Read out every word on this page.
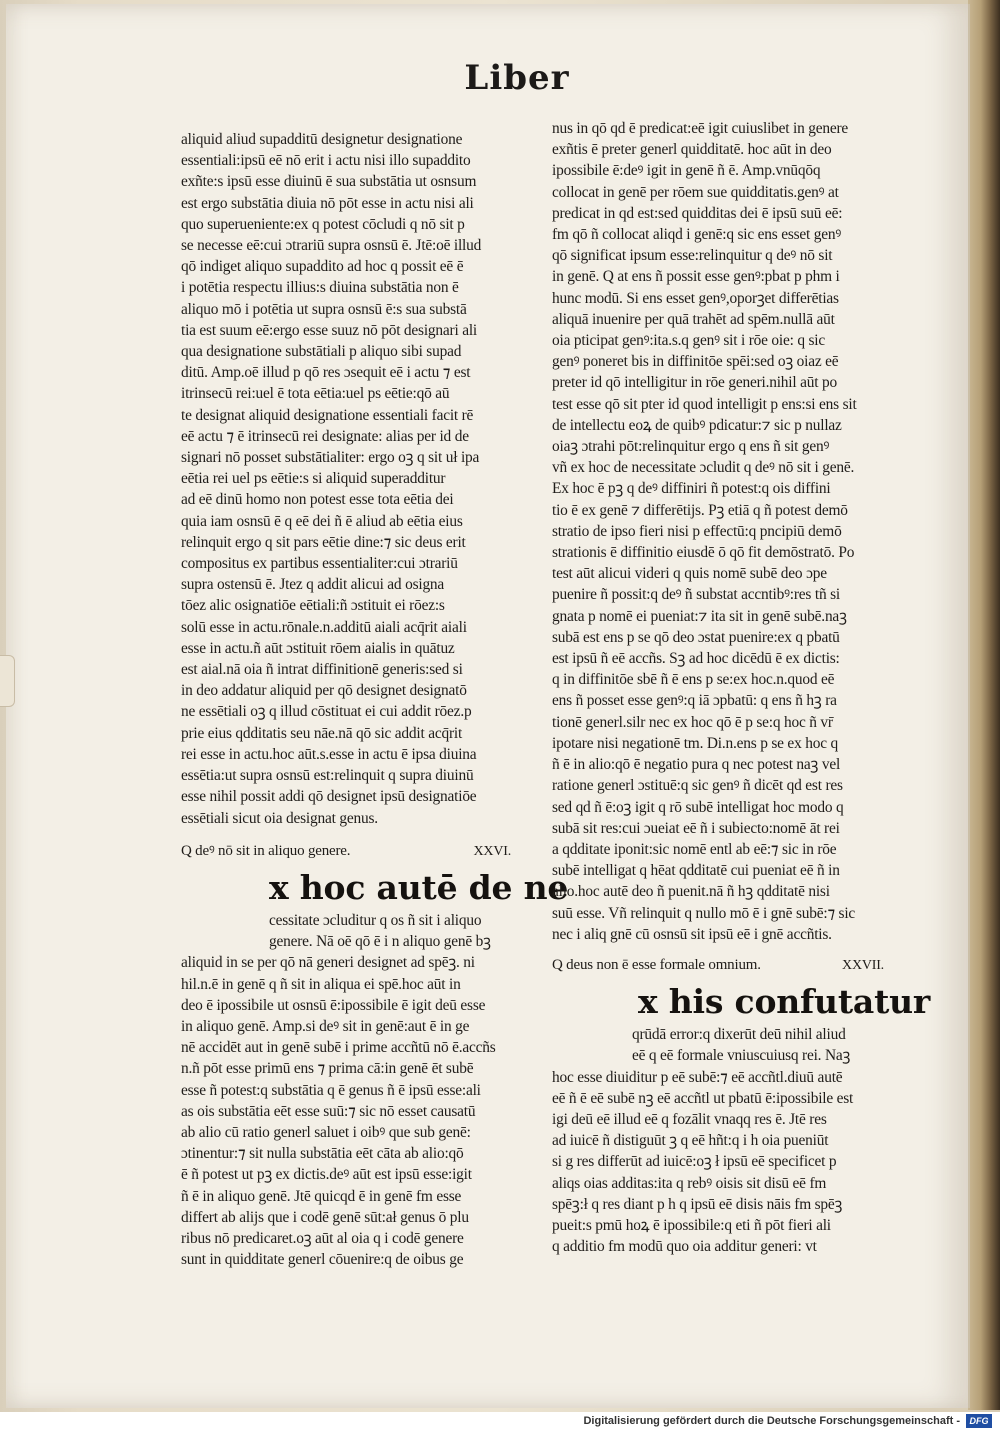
Liber
aliquid aliud supadditū designetur designatione
essentiali:ipsū eē nō erit i actu nisi illo supaddito
exñte:s ipsū esse diuinū ē sua substātia ut osnsum
est ergo substātia diuia nō pōt esse in actu nisi ali
quo superueniente:ex q potest cōcludi q nō sit p
se necesse eē:cui ɔtrariū supra osnsū ē. Jtē:oē illud
qō indiget aliquo supaddito ad hoc q possit eē ē
i potētia respectu illius:s diuina substātia non ē
aliquo mō i potētia ut supra osnsū ē:s sua substā
tia est suum eē:ergo esse suuz nō pōt designari ali
qua designatione substātiali p aliquo sibi supad
ditū. Amp.oē illud p qō res ɔsequit eē i actu ⁊ est
itrinsecū rei:uel ē tota eētia:uel ps eētie:qō aū
te designat aliquid designatione essentiali facit rē
eē actu ⁊ ē itrinsecū rei designate: alias per id de
signari nō posset substātialiter: ergo oꝫ q sit uł ipa
eētia rei uel ps eētie:s si aliquid superadditur
ad eē dinū homo non potest esse tota eētia dei
quia iam osnsū ē q eē dei ñ ē aliud ab eētia eius
relinquit ergo q sit pars eētie dine:⁊ sic deus erit
compositus ex partibus essentialiter:cui ɔtrariū
supra ostensū ē. Jtez q addit alicui ad osigna
tōez alic osignatiōe eētiali:ñ ɔstituit ei rōez:s
solū esse in actu.rōnale.n.additū aiali acq̄rit aiali
esse in actu.ñ aūt ɔstituit rōem aialis in quātuz
est aial.nā oia ñ intrat diffinitionē generis:sed si
in deo addatur aliquid per qō designet designatō
ne essētiali oꝫ q illud cōstituat ei cui addit rōez.p
prie eius qdditatis seu nāe.nā qō sic addit acq̄rit
rei esse in actu.hoc aūt.s.esse in actu ē ipsa diuina
essētia:ut supra osnsū est:relinquit q supra diuinū
esse nihil possit addi qō designet ipsū designatiōe
essētiali sicut oia designat genus.
Q deꝰ nō sit in aliquo genere.	XXVI.
x hoc autē de ne
cessitate ɔcluditur q os ñ sit i aliquo
genere. Nā oē qō ē i n aliquo genē bꝫ
aliquid in se per qō nā generi designet ad spēꝫ. ni
hil.n.ē in genē q ñ sit in aliqua ei spē.hoc aūt in
deo ē ipossibile ut osnsū ē:ipossibile ē igit deū esse
in aliquo genē. Amp.si deꝰ sit in genē:aut ē in ge
nē accidēt aut in genē subē i prime accñtū nō ē.accñs
n.ñ pōt esse primū ens ⁊ prima cā:in genē ēt subē
esse ñ potest:q substātia q ē genus ñ ē ipsū esse:ali
as ois substātia eēt esse suū:⁊ sic nō esset causatū
ab alio cū ratio generl saluet i oibꝰ que sub genē:
ɔtinentur:⁊ sit nulla substātia eēt cāta ab alio:qō
ē ñ potest ut pꝫ ex dictis.deꝰ aūt est ipsū esse:igit
ñ ē in aliquo genē. Jtē quicqd ē in genē fm esse
differt ab alijs que i codē genē sūt:ał genus ō plu
ribus nō predicaret.oꝫ aūt al oia q i codē genere
sunt in quidditate generl cōuenire:q de oibus ge
nus in qō qd ē predicat:eē igit cuiuslibet in genere
exñtis ē preter generl quidditatē. hoc aūt in deo
ipossibile ē:deꝰ igit in genē ñ ē. Amp.vnūqōq
collocat in genē per rōem sue quidditatis.genꝰ at
predicat in qd est:sed quidditas dei ē ipsū suū eē:
fm qō ñ collocat aliqd i genē:q sic ens esset genꝰ
qō significat ipsum esse:relinquitur q deꝰ nō sit
in genē. Q at ens ñ possit esse genꝰ:pbat p phm i
hunc modū. Si ens esset genꝰ,oporꝫet differētias
aliquā inuenire per quā trahēt ad spēm.nullā aūt
oia pticipat genꝰ:ita.s.q genꝰ sit i rōe oie: q sic
genꝰ poneret bis in diffinitōe spēi:sed oꝫ oiaz eē
preter id qō intelligitur in rōe generi.nihil aūt po
test esse qō sit pter id quod intelligit p ens:si ens sit
de intellectu eoꝝ de quibꝰ pdicatur:⁊ sic p nullaz
oiaꝫ ɔtrahi pōt:relinquitur ergo q ens ñ sit genꝰ
vñ ex hoc de necessitate ɔcludit q deꝰ nō sit i genē.
Ex hoc ē pꝫ q deꝰ diffiniri ñ potest:q ois diffini
tio ē ex genē ⁊ differētijs. Pꝫ etiā q ñ potest demō
stratio de ipso fieri nisi p effectū:q pncipiū demō
strationis ē diffinitio eiusdē ō qō fit demōstratō. Po
test aūt alicui videri q quis nomē subē deo ɔpe
puenire ñ possit:q deꝰ ñ substat accntibꝰ:res tñ si
gnata p nomē ei pueniat:⁊ ita sit in genē subē.naꝫ
subā est ens p se qō deo ɔstat puenire:ex q pbatū
est ipsū ñ eē accñs. Sꝫ ad hoc dicēdū ē ex dictis:
q in diffinitōe sbē ñ ē ens p se:ex hoc.n.quod eē
ens ñ posset esse genꝰ:q iā ɔpbatū: q ens ñ hꝫ ra
tionē generl.silr nec ex hoc qō ē p se:q hoc ñ vr̄
ipotare nisi negationē tm. Di.n.ens p se ex hoc q
ñ ē in alio:qō ē negatio pura q nec potest naꝫ vel
ratione generl ɔstituē:q sic genꝰ ñ dicēt qd est res
sed qd ñ ē:oꝫ igit q rō subē intelligat hoc modo q
subā sit res:cui ɔueiat eē ñ i subiecto:nomē āt rei
a qdditate iponit:sic nomē entl ab eē:⁊ sic in rōe
subē intelligat q hēat qdditatē cui pueniat eē ñ in
alio.hoc autē deo ñ puenit.nā ñ hꝫ qdditatē nisi
suū esse. Vñ relinquit q nullo mō ē i gnē subē:⁊ sic
nec i aliq gnē cū osnsū sit ipsū eē i gnē accñtis.
Q deus non ē esse formale omnium.	XXVII.
x his confutatur
qrūdā error:q dixerūt deū nihil aliud
eē q eē formale vniuscuiusq rei. Naꝫ
hoc esse diuiditur p eē subē:⁊ eē accñtl.diuū autē
eē ñ ē eē subē nꝫ eē accñtl ut pbatū ē:ipossibile est
igi deū eē illud eē q fozālit vnaqq res ē. Jtē res
ad iuicē ñ distiguūt ꝫ q eē hñt:q i h oia pueniūt
si g res differūt ad iuicē:oꝫ ł ipsū eē specificet p
aliqs oias additas:ita q rebꝰ oisis sit disū eē fm
spēꝫ:ł q res diant p h q ipsū eē disis nāis fm spēꝫ
pueit:s pmū hoꝝ ē ipossibile:q eti ñ pōt fieri ali
q additio fm modū quo oia additur generi: vt
Digitalisierung gefördert durch die Deutsche Forschungsgemeinschaft -	DFG
